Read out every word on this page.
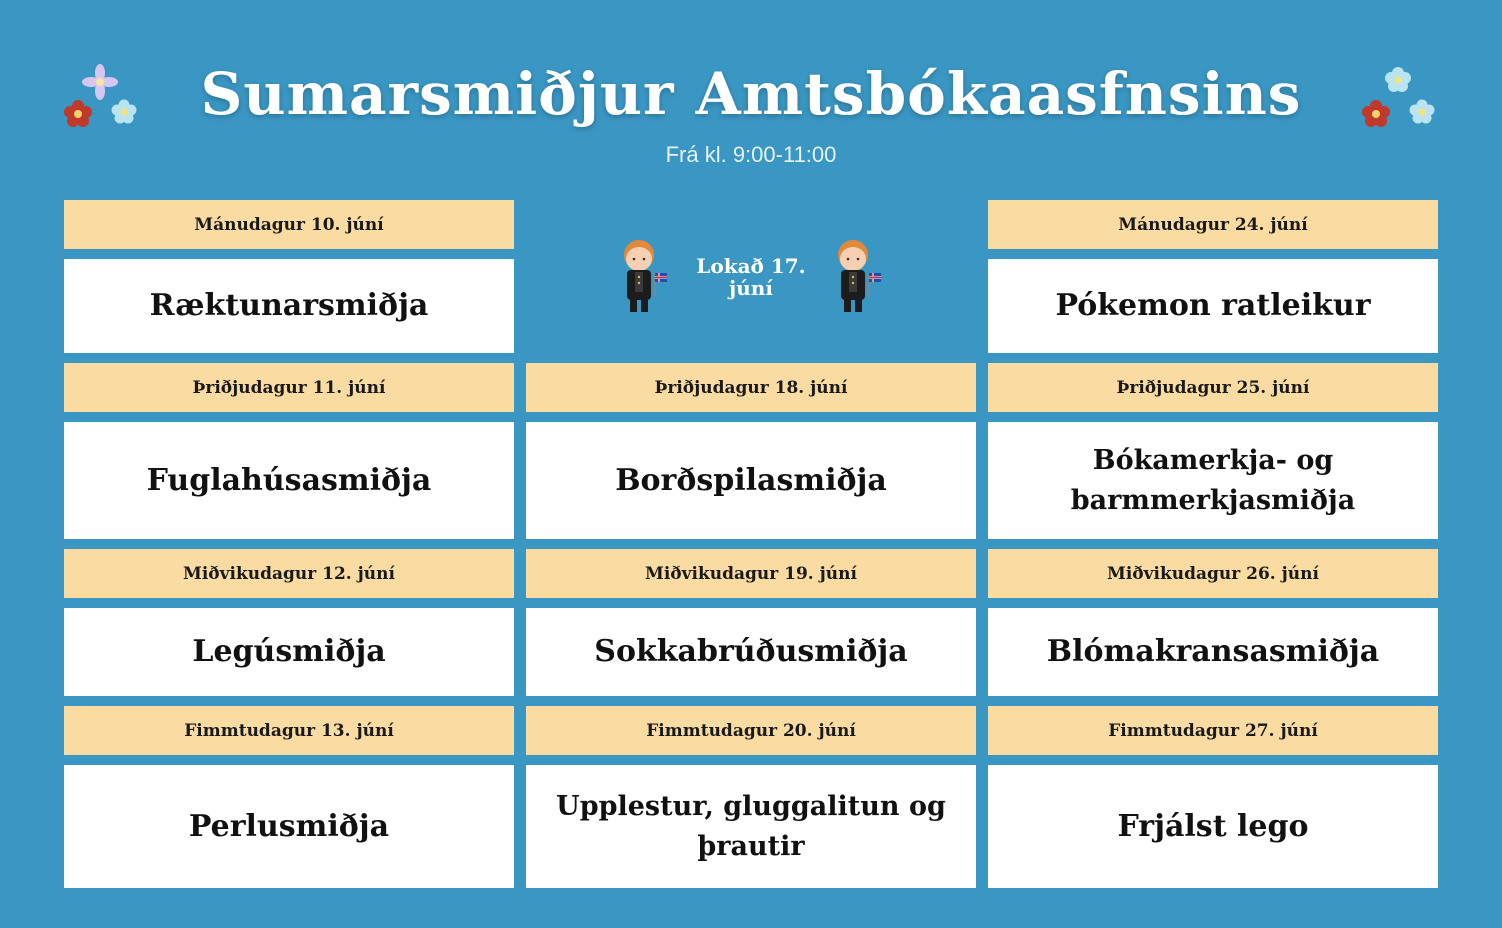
Sumarsmiðjur Amtsbókaasfnsins
Frá kl. 9:00-11:00
Mánudagur 10. júní
Ræktunarsmiðja
Þriðjudagur 11. júní
Fuglahúsasmiðja
Miðvikudagur 12. júní
Legúsmiðja
Fimmtudagur 13. júní
Perlusmiðja
Lokað 17.
júní
Þriðjudagur 18. júní
Borðspilasmiðja
Miðvikudagur 19. júní
Sokkabrúðusmiðja
Fimmtudagur 20. júní
Upplestur, gluggalitun og
þrautir
Mánudagur 24. júní
Pókemon ratleikur
Þriðjudagur 25. júní
Bókamerkja- og
barmmerkjasmiðja
Miðvikudagur 26. júní
Blómakransasmiðja
Fimmtudagur 27. júní
Frjálst lego
